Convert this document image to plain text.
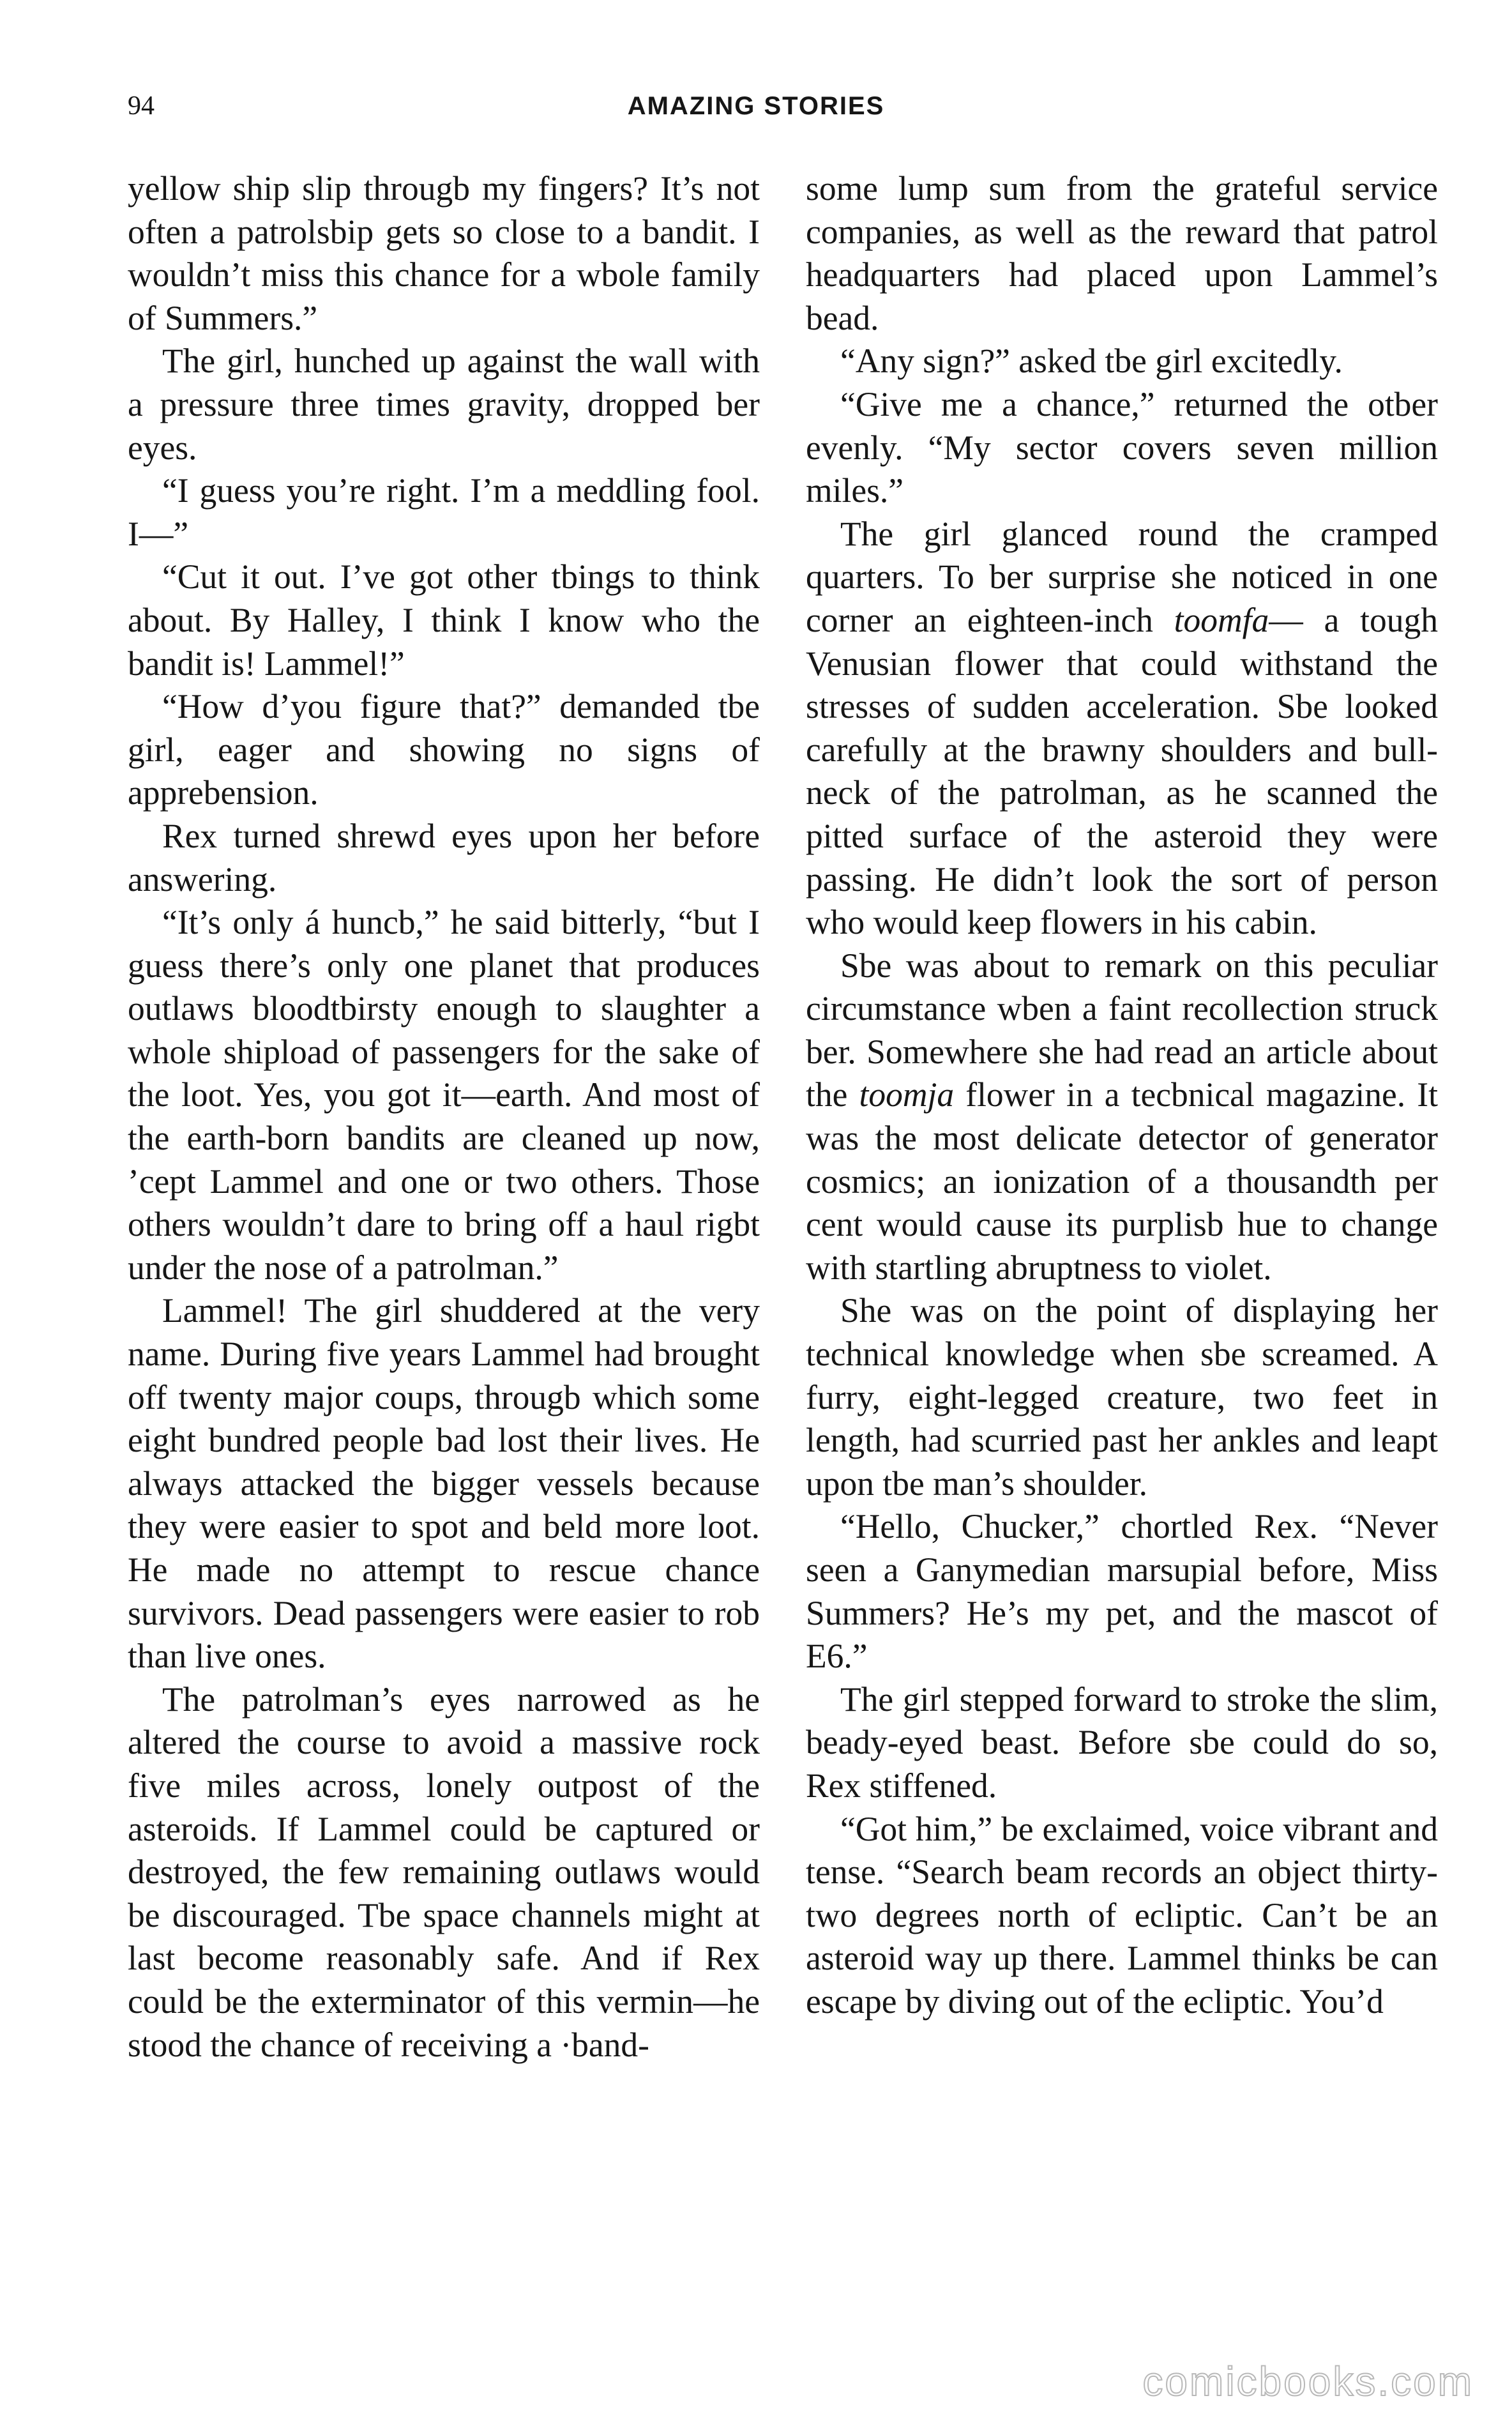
94	AMAZING STORIES

yellow ship slip througb my fingers? It’s not often a patrolsbip gets so close to a bandit. I wouldn’t miss this chance for a wbole family of Summers.”

The girl, hunched up against the wall with a pressure three times gravity, dropped ber eyes.

“I guess you’re right. I’m a meddling fool. I—”

“Cut it out. I’ve got other tbings to think about. By Halley, I think I know who the bandit is! Lammel!”

“How d’you figure that?” demanded tbe girl, eager and showing no signs of apprebension.

Rex turned shrewd eyes upon her before answering.

“It’s only á huncb,” he said bitterly, “but I guess there’s only one planet that produces outlaws bloodtbirsty enough to slaughter a whole shipload of passengers for the sake of the loot. Yes, you got it—earth. And most of the earth-born bandits are cleaned up now, ’cept Lammel and one or two others. Those others wouldn’t dare to bring off a haul rigbt under the nose of a patrolman.”

Lammel! The girl shuddered at the very name. During five years Lammel had brought off twenty major coups, througb which some eight bundred people bad lost their lives. He always attacked the bigger vessels because they were easier to spot and beld more loot. He made no attempt to rescue chance survivors. Dead passengers were easier to rob than live ones.

The patrolman’s eyes narrowed as he altered the course to avoid a massive rock five miles across, lonely outpost of the asteroids. If Lammel could be captured or destroyed, the few remaining outlaws would be discouraged. Tbe space channels might at last become reasonably safe. And if Rex could be the exterminator of this vermin—he stood the chance of receiving a ·band-

some lump sum from the grateful service companies, as well as the reward that patrol headquarters had placed upon Lammel’s bead.

“Any sign?” asked tbe girl excitedly.

“Give me a chance,” returned the otber evenly. “My sector covers seven million miles.”

The girl glanced round the cramped quarters. To ber surprise she noticed in one corner an eighteen-inch toomfa— a tough Venusian flower that could withstand the stresses of sudden acceleration. Sbe looked carefully at the brawny shoulders and bull-neck of the patrolman, as he scanned the pitted surface of the asteroid they were passing. He didn’t look the sort of person who would keep flowers in his cabin.

Sbe was about to remark on this peculiar circumstance wben a faint recollection struck ber. Somewhere she had read an article about the toomja flower in a tecbnical magazine. It was the most delicate detector of generator cosmics; an ionization of a thousandth per cent would cause its purplisb hue to change with startling abruptness to violet.

She was on the point of displaying her technical knowledge when sbe screamed. A furry, eight-legged creature, two feet in length, had scurried past her ankles and leapt upon tbe man’s shoulder.

“Hello, Chucker,” chortled Rex. “Never seen a Ganymedian marsupial before, Miss Summers? He’s my pet, and the mascot of E6.”

The girl stepped forward to stroke the slim, beady-eyed beast. Before sbe could do so, Rex stiffened.

“Got him,” be exclaimed, voice vibrant and tense. “Search beam records an object thirty-two degrees north of ecliptic. Can’t be an asteroid way up there. Lammel thinks be can escape by diving out of the ecliptic. You’d

comicbooks.com
